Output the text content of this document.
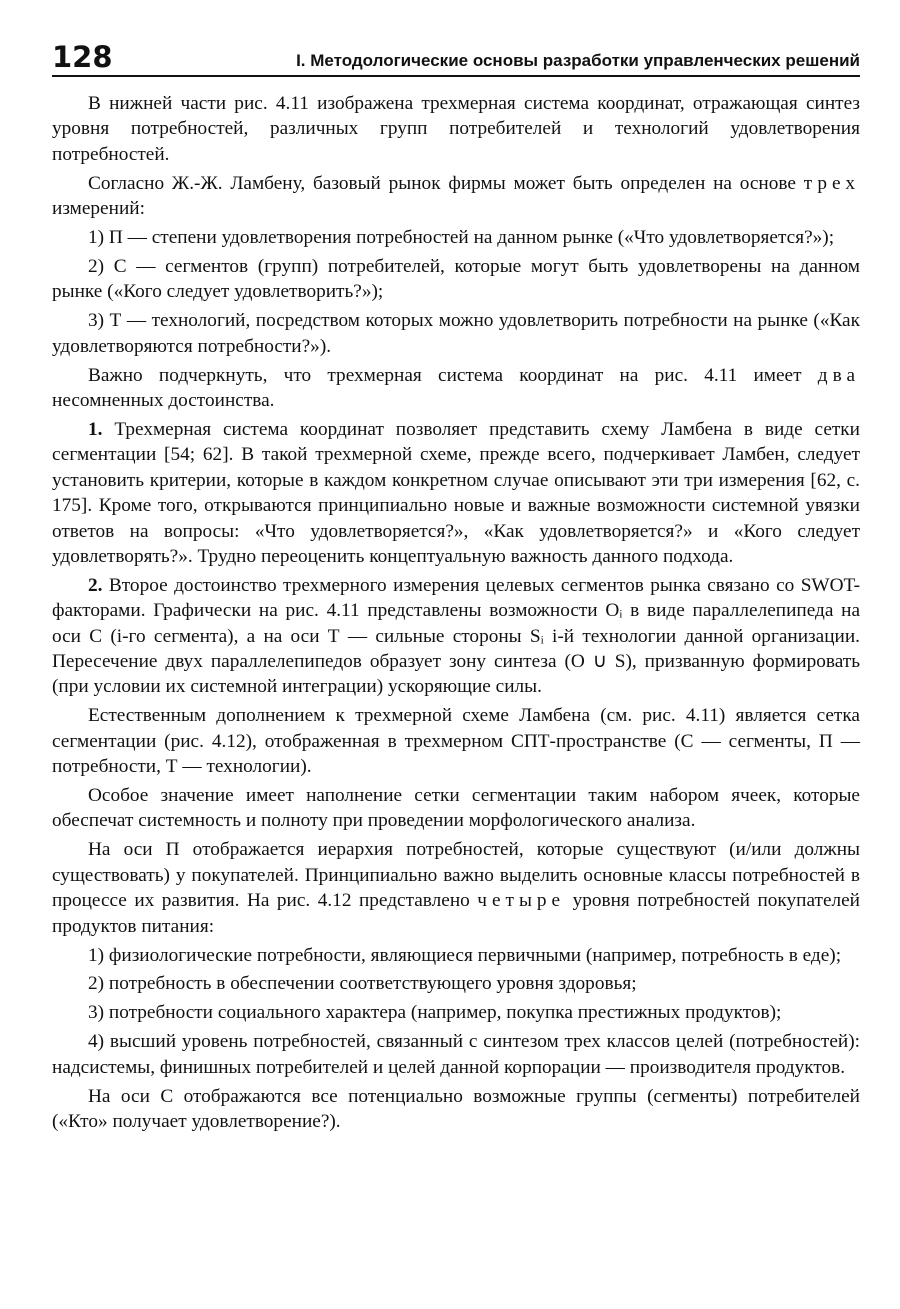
128	I. Методологические основы разработки управленческих решений

В нижней части рис. 4.11 изображена трехмерная система координат, отражающая синтез уровня потребностей, различных групп потребителей и технологий удовлетворения потребностей.

Согласно Ж.-Ж. Ламбену, базовый рынок фирмы может быть определен на основе трех измерений:

1) П — степени удовлетворения потребностей на данном рынке («Что удовлетворяется?»);

2) С — сегментов (групп) потребителей, которые могут быть удовлетворены на данном рынке («Кого следует удовлетворить?»);

3) Т — технологий, посредством которых можно удовлетворить потребности на рынке («Как удовлетворяются потребности?»).

Важно подчеркнуть, что трехмерная система координат на рис. 4.11 имеет два несомненных достоинства.

1. Трехмерная система координат позволяет представить схему Ламбена в виде сетки сегментации [54; 62]. В такой трехмерной схеме, прежде всего, подчеркивает Ламбен, следует установить критерии, которые в каждом конкретном случае описывают эти три измерения [62, с. 175]. Кроме того, открываются принципиально новые и важные возможности системной увязки ответов на вопросы: «Что удовлетворяется?», «Как удовлетворяется?» и «Кого следует удовлетворять?». Трудно переоценить концептуальную важность данного подхода.

2. Второе достоинство трехмерного измерения целевых сегментов рынка связано со SWOT-факторами. Графически на рис. 4.11 представлены возможности Oᵢ в виде параллелепипеда на оси С (i-го сегмента), а на оси Т — сильные стороны Sᵢ i-й технологии данной организации. Пересечение двух параллелепипедов образует зону синтеза (O ∪ S), призванную формировать (при условии их системной интеграции) ускоряющие силы.

Естественным дополнением к трехмерной схеме Ламбена (см. рис. 4.11) является сетка сегментации (рис. 4.12), отображенная в трехмерном СПТ-пространстве (С — сегменты, П — потребности, Т — технологии).

Особое значение имеет наполнение сетки сегментации таким набором ячеек, которые обеспечат системность и полноту при проведении морфологического анализа.

На оси П отображается иерархия потребностей, которые существуют (и/или должны существовать) у покупателей. Принципиально важно выделить основные классы потребностей в процессе их развития. На рис. 4.12 представлено четыре уровня потребностей покупателей продуктов питания:

1) физиологические потребности, являющиеся первичными (например, потребность в еде);

2) потребность в обеспечении соответствующего уровня здоровья;

3) потребности социального характера (например, покупка престижных продуктов);

4) высший уровень потребностей, связанный с синтезом трех классов целей (потребностей): надсистемы, финишных потребителей и целей данной корпорации — производителя продуктов.

На оси С отображаются все потенциально возможные группы (сегменты) потребителей («Кто» получает удовлетворение?).
